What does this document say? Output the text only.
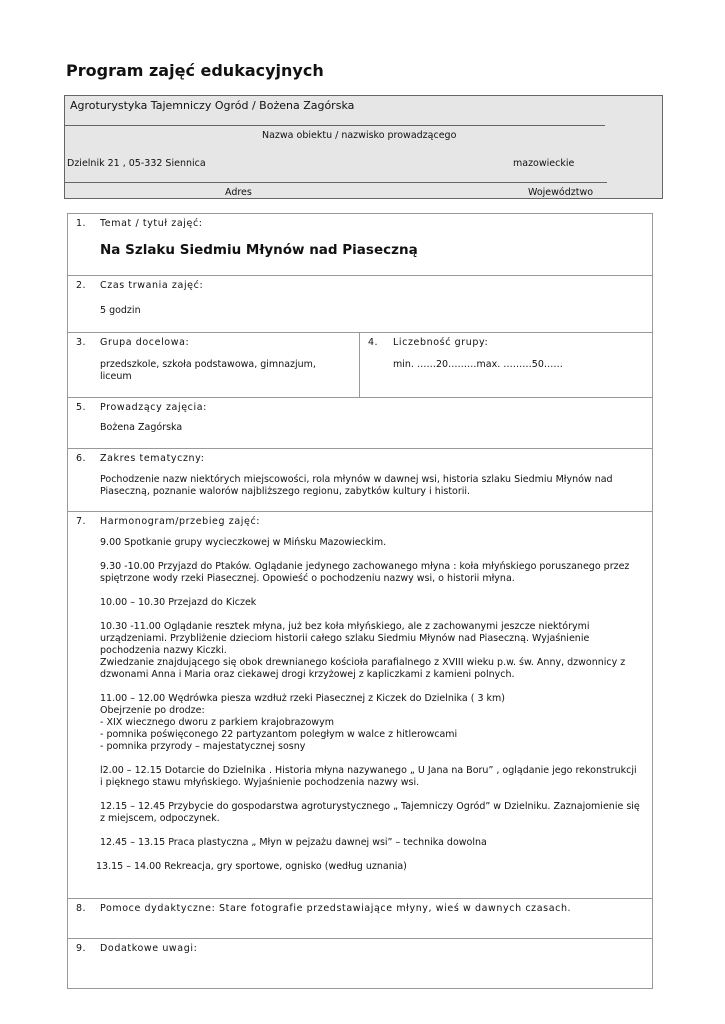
Program zajęć edukacyjnych
Agroturystyka Tajemniczy Ogród / Bożena Zagórska
Nazwa obiektu / nazwisko prowadzącego
Dzielnik 21 , 05-332 Siennica	mazowieckie
Adres	Województwo
1. Temat / tytuł zajęć:
Na Szlaku Siedmiu Młynów nad Piaseczną
2. Czas trwania zajęć:
5 godzin
3. Grupa docelowa:
przedszkole, szkoła podstawowa, gimnazjum, liceum
4. Liczebność grupy:
min. ……20………max. ………50……
5. Prowadzący zajęcia:
Bożena Zagórska
6. Zakres tematyczny:
Pochodzenie nazw niektórych miejscowości, rola młynów w dawnej wsi, historia szlaku Siedmiu Młynów nad Piaseczną, poznanie walorów najbliższego regionu, zabytków kultury i historii.
7. Harmonogram/przebieg zajęć:
9.00 Spotkanie grupy wycieczkowej w Mińsku Mazowieckim.
9.30 -10.00 Przyjazd do Ptaków. Oglądanie jedynego zachowanego młyna : koła młyńskiego poruszanego przez spiętrzone wody rzeki Piasecznej. Opowieść o pochodzeniu nazwy wsi, o historii młyna.
10.00 – 10.30 Przejazd do Kiczek
10.30 -11.00 Oglądanie resztek młyna, już bez koła młyńskiego, ale z zachowanymi jeszcze niektórymi urządzeniami. Przybliżenie dzieciom historii całego szlaku Siedmiu Młynów nad Piaseczną. Wyjaśnienie pochodzenia nazwy Kiczki.
Zwiedzanie znajdującego się obok drewnianego kościoła parafialnego z XVIII wieku p.w. św. Anny, dzwonnicy z dzwonami Anna i Maria oraz ciekawej drogi krzyżowej z kapliczkami z kamieni polnych.
11.00 – 12.00 Wędrówka piesza wzdłuż rzeki Piasecznej z Kiczek do Dzielnika ( 3 km)
Obejrzenie po drodze:
- XIX wiecznego dworu z parkiem krajobrazowym
- pomnika poświęconego 22 partyzantom poległym w walce z hitlerowcami
- pomnika przyrody – majestatycznej sosny
l2.00 – 12.15 Dotarcie do Dzielnika . Historia młyna nazywanego „ U Jana na Boru” , oglądanie jego rekonstrukcji i pięknego stawu młyńskiego. Wyjaśnienie pochodzenia nazwy wsi.
12.15 – 12.45 Przybycie do gospodarstwa agroturystycznego „ Tajemniczy Ogród” w Dzielniku. Zaznajomienie się z miejscem, odpoczynek.
12.45 – 13.15 Praca plastyczna „ Młyn w pejzażu dawnej wsi” – technika dowolna
13.15 – 14.00 Rekreacja, gry sportowe, ognisko (według uznania)
8. Pomoce dydaktyczne: Stare fotografie przedstawiające młyny, wieś w dawnych czasach.
9. Dodatkowe uwagi:
